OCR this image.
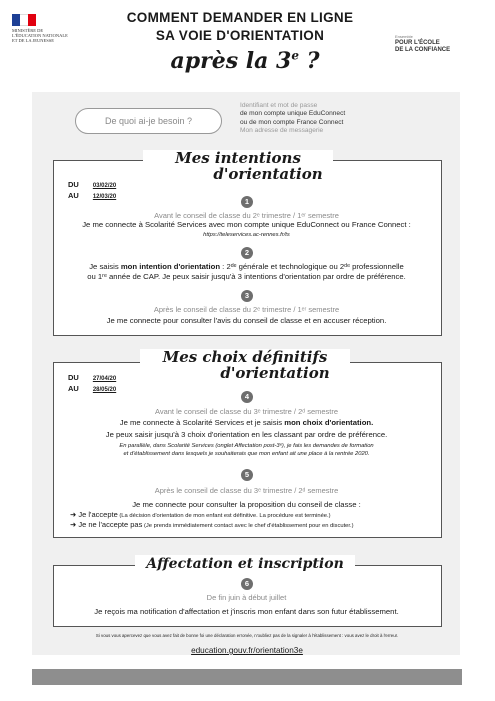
MINISTÈRE DE L'ÉDUCATION NATIONALE ET DE LA JEUNESSE
COMMENT DEMANDER EN LIGNE
SA VOIE D'ORIENTATION
après la 3e ?
Ensemble
POUR L'ÉCOLE
DE LA CONFIANCE
De quoi ai-je besoin ?
Identifiant et mot de passe
de mon compte unique EduConnect
ou de mon compte France Connect
Mon adresse de messagerie
Mes intentions
d'orientation
DU 03/02/20
AU 12/03/20	1
Avant le conseil de classe du 2ᵉ trimestre / 1ᵉʳ semestre
Je me connecte à Scolarité Services avec mon compte unique EduConnect ou France Connect :
https://teleservices.ac-rennes.fr/ts
2
Je saisis mon intention d'orientation : 2ᵈᵉ générale et technologique ou 2ᵈᵉ professionnelle
ou 1ʳᵉ année de CAP. Je peux saisir jusqu'à 3 intentions d'orientation par ordre de préférence.
3
Après le conseil de classe du 2ᵉ trimestre / 1ᵉʳ semestre
Je me connecte pour consulter l'avis du conseil de classe et en accuser réception.
Mes choix définitifs
d'orientation
DU 27/04/20
AU 28/05/20
4
Avant le conseil de classe du 3ᵉ trimestre / 2ᵈ semestre
Je me connecte à Scolarité Services et je saisis mon choix d'orientation.
Je peux saisir jusqu'à 3 choix d'orientation en les classant par ordre de préférence.
En parallèle, dans Scolarité Services (onglet Affectation post-3ᵉ), je fais les demandes de formation
et d'établissement dans lesquels je souhaiterais que mon enfant ait une place à la rentrée 2020.
5
Après le conseil de classe du 3ᵉ trimestre / 2ᵈ semestre
Je me connecte pour consulter la proposition du conseil de classe :
➜ Je l'accepte (La décision d'orientation de mon enfant est définitive. La procédure est terminée.)
➜ Je ne l'accepte pas (Je prends immédiatement contact avec le chef d'établissement pour en discuter.)
Affectation et inscription
6
De fin juin à début juillet
Je reçois ma notification d'affectation et j'inscris mon enfant dans son futur établissement.
Si vous vous apercevez que vous avez fait de bonne foi une déclaration erronée, n'oubliez pas de la signaler à l'établissement : vous avez le droit à l'erreur.
education.gouv.fr/orientation3e
